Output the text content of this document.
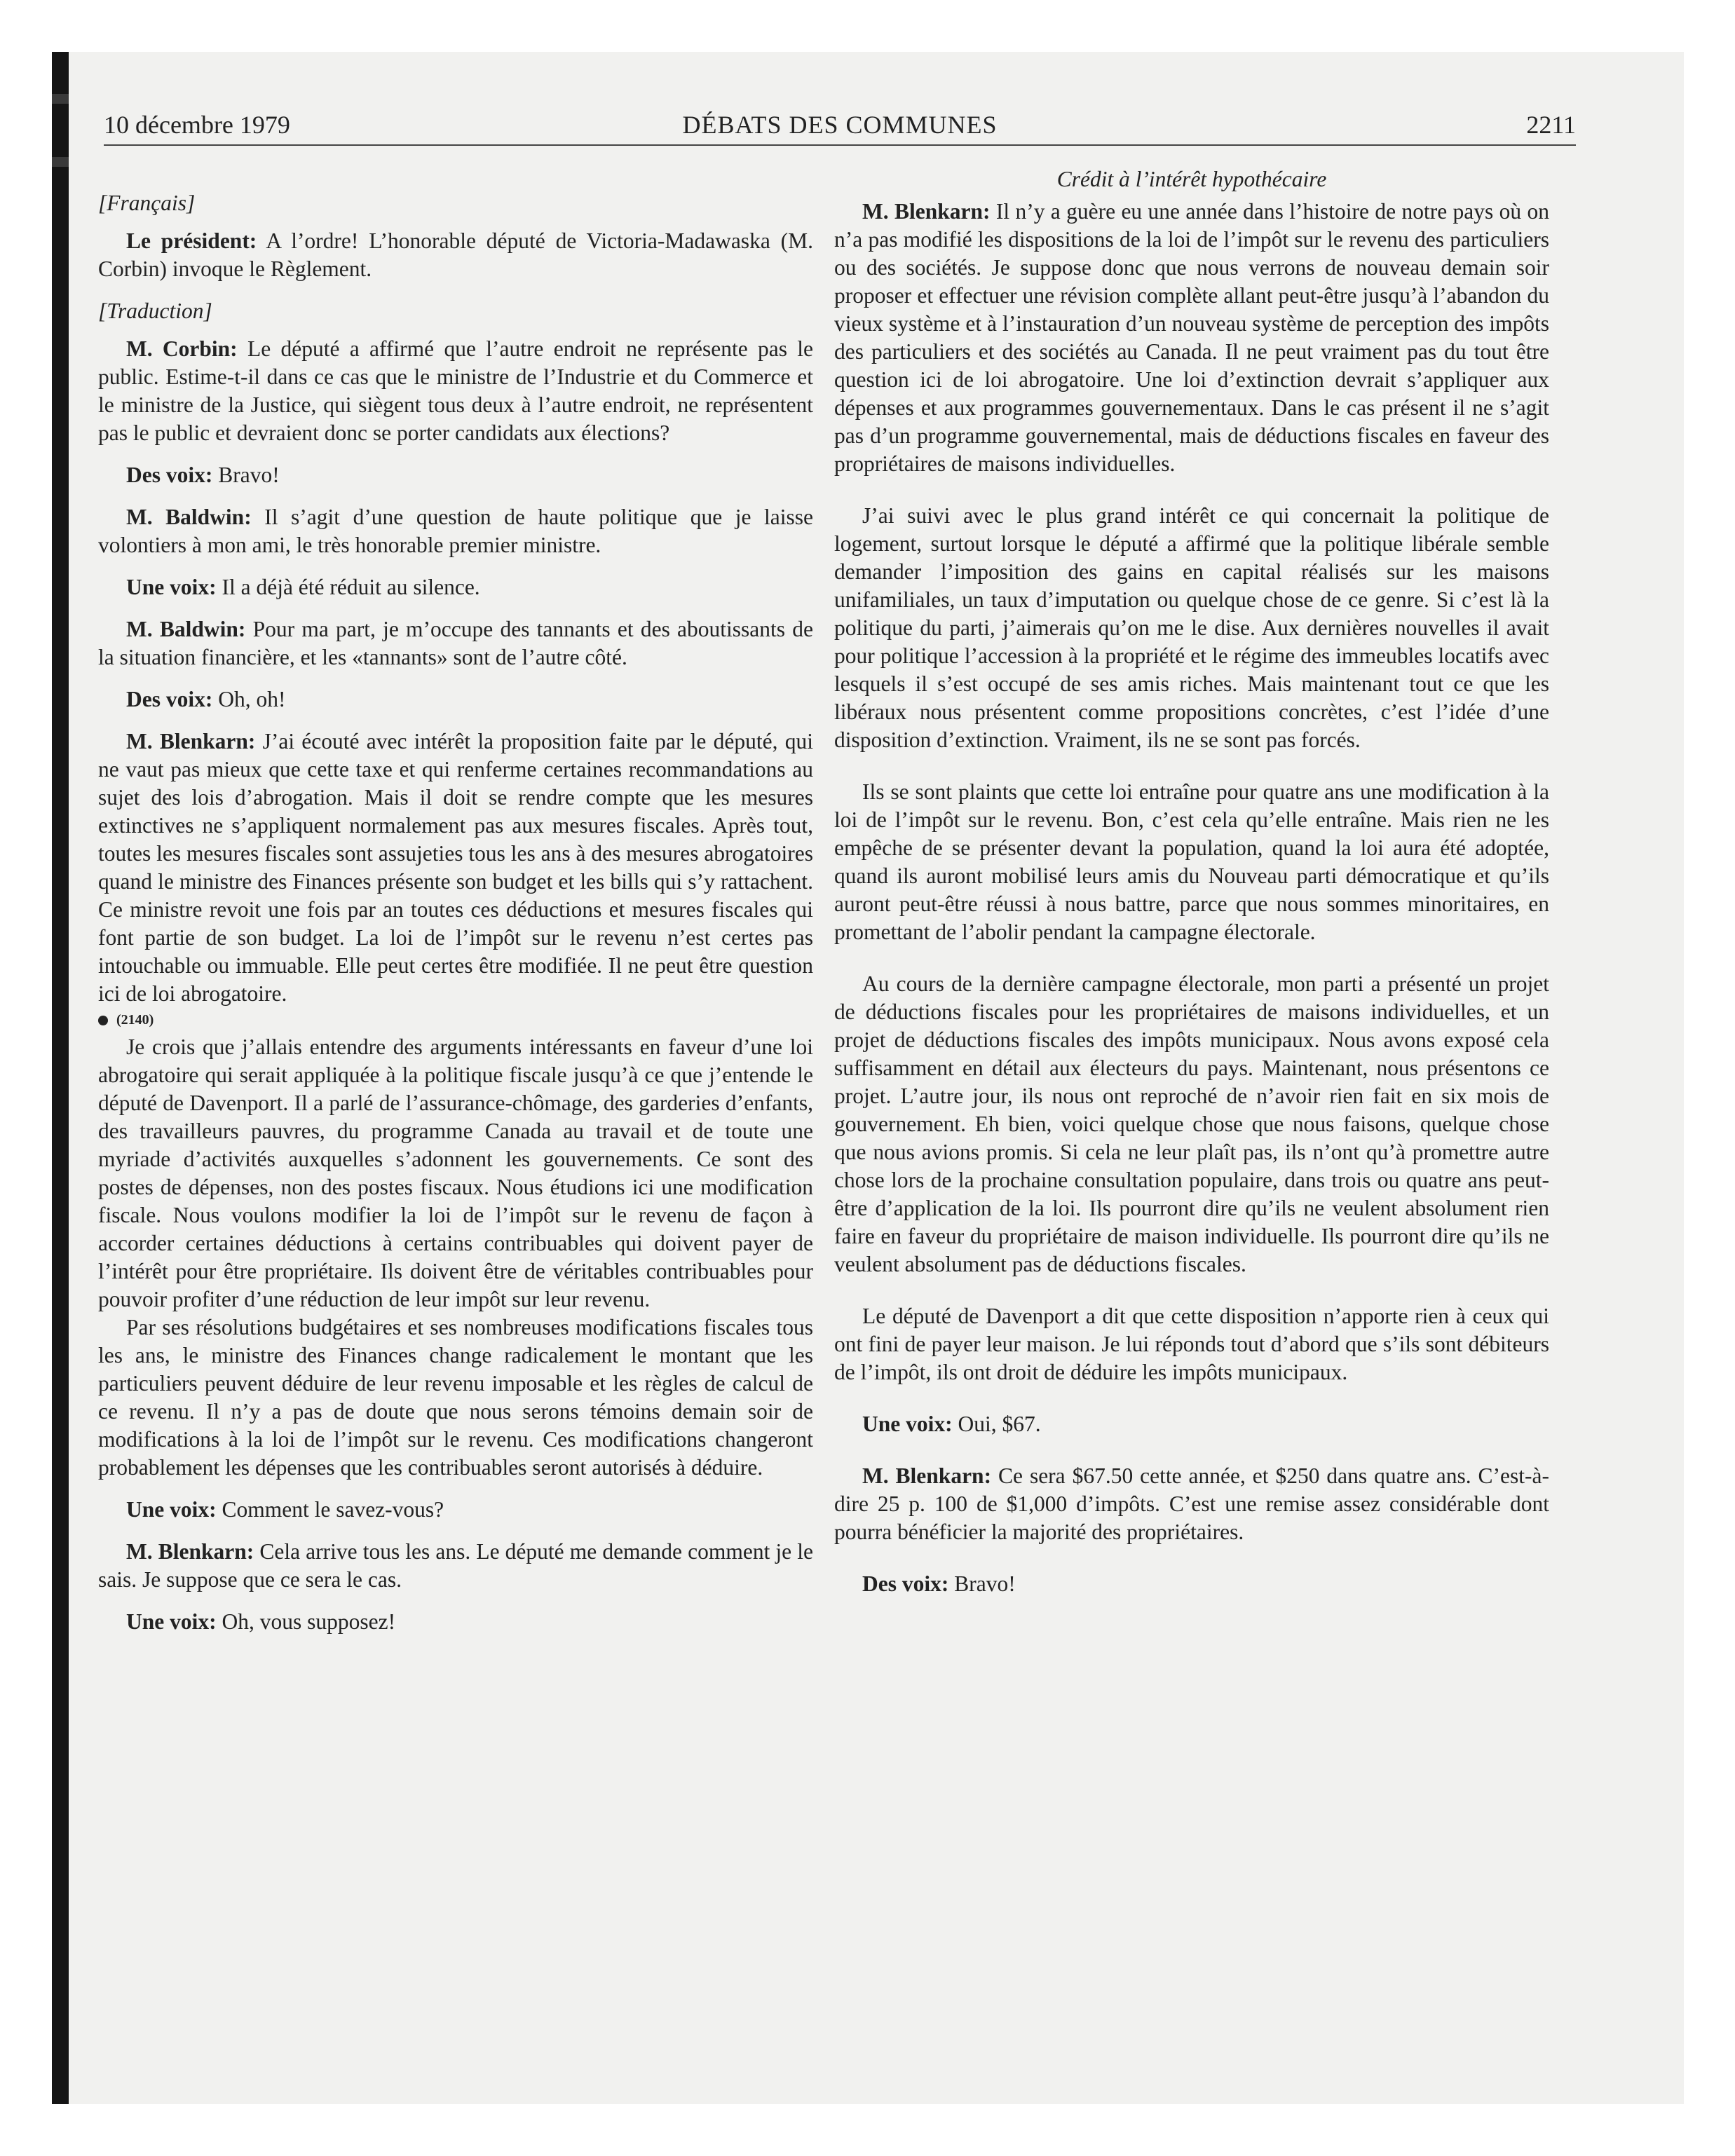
10 décembre 1979	DÉBATS DES COMMUNES	2211

[Français]

Le président: A l’ordre! L’honorable député de Victoria-Madawaska (M. Corbin) invoque le Règlement.

[Traduction]

M. Corbin: Le député a affirmé que l’autre endroit ne représente pas le public. Estime-t-il dans ce cas que le ministre de l’Industrie et du Commerce et le ministre de la Justice, qui siègent tous deux à l’autre endroit, ne représentent pas le public et devraient donc se porter candidats aux élections?

Des voix: Bravo!

M. Baldwin: Il s’agit d’une question de haute politique que je laisse volontiers à mon ami, le très honorable premier ministre.

Une voix: Il a déjà été réduit au silence.

M. Baldwin: Pour ma part, je m’occupe des tannants et des aboutissants de la situation financière, et les «tannants» sont de l’autre côté.

Des voix: Oh, oh!

M. Blenkarn: J’ai écouté avec intérêt la proposition faite par le député, qui ne vaut pas mieux que cette taxe et qui renferme certaines recommandations au sujet des lois d’abrogation. Mais il doit se rendre compte que les mesures extinctives ne s’appliquent normalement pas aux mesures fiscales. Après tout, toutes les mesures fiscales sont assujeties tous les ans à des mesures abrogatoires quand le ministre des Finances présente son budget et les bills qui s’y rattachent. Ce ministre revoit une fois par an toutes ces déductions et mesures fiscales qui font partie de son budget. La loi de l’impôt sur le revenu n’est certes pas intouchable ou immuable. Elle peut certes être modifiée. Il ne peut être question ici de loi abrogatoire.

(2140)

Je crois que j’allais entendre des arguments intéressants en faveur d’une loi abrogatoire qui serait appliquée à la politique fiscale jusqu’à ce que j’entende le député de Davenport. Il a parlé de l’assurance-chômage, des garderies d’enfants, des travailleurs pauvres, du programme Canada au travail et de toute une myriade d’activités auxquelles s’adonnent les gouvernements. Ce sont des postes de dépenses, non des postes fiscaux. Nous étudions ici une modification fiscale. Nous voulons modifier la loi de l’impôt sur le revenu de façon à accorder certaines déductions à certains contribuables qui doivent payer de l’intérêt pour être propriétaire. Ils doivent être de véritables contribuables pour pouvoir profiter d’une réduction de leur impôt sur leur revenu.

Par ses résolutions budgétaires et ses nombreuses modifications fiscales tous les ans, le ministre des Finances change radicalement le montant que les particuliers peuvent déduire de leur revenu imposable et les règles de calcul de ce revenu. Il n’y a pas de doute que nous serons témoins demain soir de modifications à la loi de l’impôt sur le revenu. Ces modifications changeront probablement les dépenses que les contribuables seront autorisés à déduire.

Une voix: Comment le savez-vous?

M. Blenkarn: Cela arrive tous les ans. Le député me demande comment je le sais. Je suppose que ce sera le cas.

Une voix: Oh, vous supposez!

Crédit à l’intérêt hypothécaire

M. Blenkarn: Il n’y a guère eu une année dans l’histoire de notre pays où on n’a pas modifié les dispositions de la loi de l’impôt sur le revenu des particuliers ou des sociétés. Je suppose donc que nous verrons de nouveau demain soir proposer et effectuer une révision complète allant peut-être jusqu’à l’abandon du vieux système et à l’instauration d’un nouveau système de perception des impôts des particuliers et des sociétés au Canada. Il ne peut vraiment pas du tout être question ici de loi abrogatoire. Une loi d’extinction devrait s’appliquer aux dépenses et aux programmes gouvernementaux. Dans le cas présent il ne s’agit pas d’un programme gouvernemental, mais de déductions fiscales en faveur des propriétaires de maisons individuelles.

J’ai suivi avec le plus grand intérêt ce qui concernait la politique de logement, surtout lorsque le député a affirmé que la politique libérale semble demander l’imposition des gains en capital réalisés sur les maisons unifamiliales, un taux d’imputation ou quelque chose de ce genre. Si c’est là la politique du parti, j’aimerais qu’on me le dise. Aux dernières nouvelles il avait pour politique l’accession à la propriété et le régime des immeubles locatifs avec lesquels il s’est occupé de ses amis riches. Mais maintenant tout ce que les libéraux nous présentent comme propositions concrètes, c’est l’idée d’une disposition d’extinction. Vraiment, ils ne se sont pas forcés.

Ils se sont plaints que cette loi entraîne pour quatre ans une modification à la loi de l’impôt sur le revenu. Bon, c’est cela qu’elle entraîne. Mais rien ne les empêche de se présenter devant la population, quand la loi aura été adoptée, quand ils auront mobilisé leurs amis du Nouveau parti démocratique et qu’ils auront peut-être réussi à nous battre, parce que nous sommes minoritaires, en promettant de l’abolir pendant la campagne électorale.

Au cours de la dernière campagne électorale, mon parti a présenté un projet de déductions fiscales pour les propriétaires de maisons individuelles, et un projet de déductions fiscales des impôts municipaux. Nous avons exposé cela suffisamment en détail aux électeurs du pays. Maintenant, nous présentons ce projet. L’autre jour, ils nous ont reproché de n’avoir rien fait en six mois de gouvernement. Eh bien, voici quelque chose que nous faisons, quelque chose que nous avions promis. Si cela ne leur plaît pas, ils n’ont qu’à promettre autre chose lors de la prochaine consultation populaire, dans trois ou quatre ans peut-être d’application de la loi. Ils pourront dire qu’ils ne veulent absolument rien faire en faveur du propriétaire de maison individuelle. Ils pourront dire qu’ils ne veulent absolument pas de déductions fiscales.

Le député de Davenport a dit que cette disposition n’apporte rien à ceux qui ont fini de payer leur maison. Je lui réponds tout d’abord que s’ils sont débiteurs de l’impôt, ils ont droit de déduire les impôts municipaux.

Une voix: Oui, $67.

M. Blenkarn: Ce sera $67.50 cette année, et $250 dans quatre ans. C’est-à-dire 25 p. 100 de $1,000 d’impôts. C’est une remise assez considérable dont pourra bénéficier la majorité des propriétaires.

Des voix: Bravo!
